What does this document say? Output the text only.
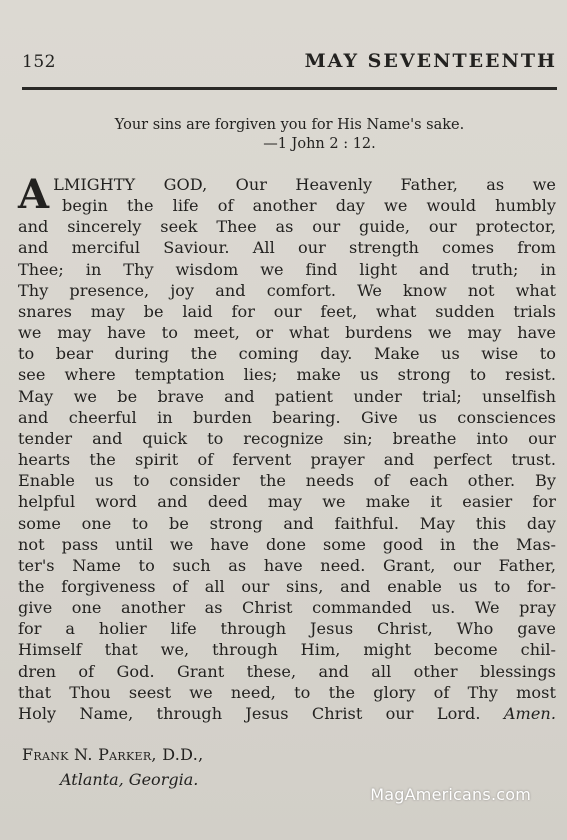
152	MAY SEVENTEENTH
Your sins are forgiven you for His Name's sake.
—1 John 2 : 12.
A LMIGHTY GOD, Our Heavenly Father, as we
begin the life of another day we would humbly
and sincerely seek Thee as our guide, our protector,
and merciful Saviour. All our strength comes from
Thee; in Thy wisdom we find light and truth; in
Thy presence, joy and comfort. We know not what
snares may be laid for our feet, what sudden trials
we may have to meet, or what burdens we may have
to bear during the coming day. Make us wise to
see where temptation lies; make us strong to resist.
May we be brave and patient under trial; unselfish
and cheerful in burden bearing. Give us consciences
tender and quick to recognize sin; breathe into our
hearts the spirit of fervent prayer and perfect trust.
Enable us to consider the needs of each other. By
helpful word and deed may we make it easier for
some one to be strong and faithful. May this day
not pass until we have done some good in the Mas-
ter's Name to such as have need. Grant, our Father,
the forgiveness of all our sins, and enable us to for-
give one another as Christ commanded us. We pray
for a holier life through Jesus Christ, Who gave
Himself that we, through Him, might become chil-
dren of God. Grant these, and all other blessings
that Thou seest we need, to the glory of Thy most
Holy Name, through Jesus Christ our Lord. Amen.
Frank N. Parker, D.D.,
Atlanta, Georgia.
MagAmericans.com
